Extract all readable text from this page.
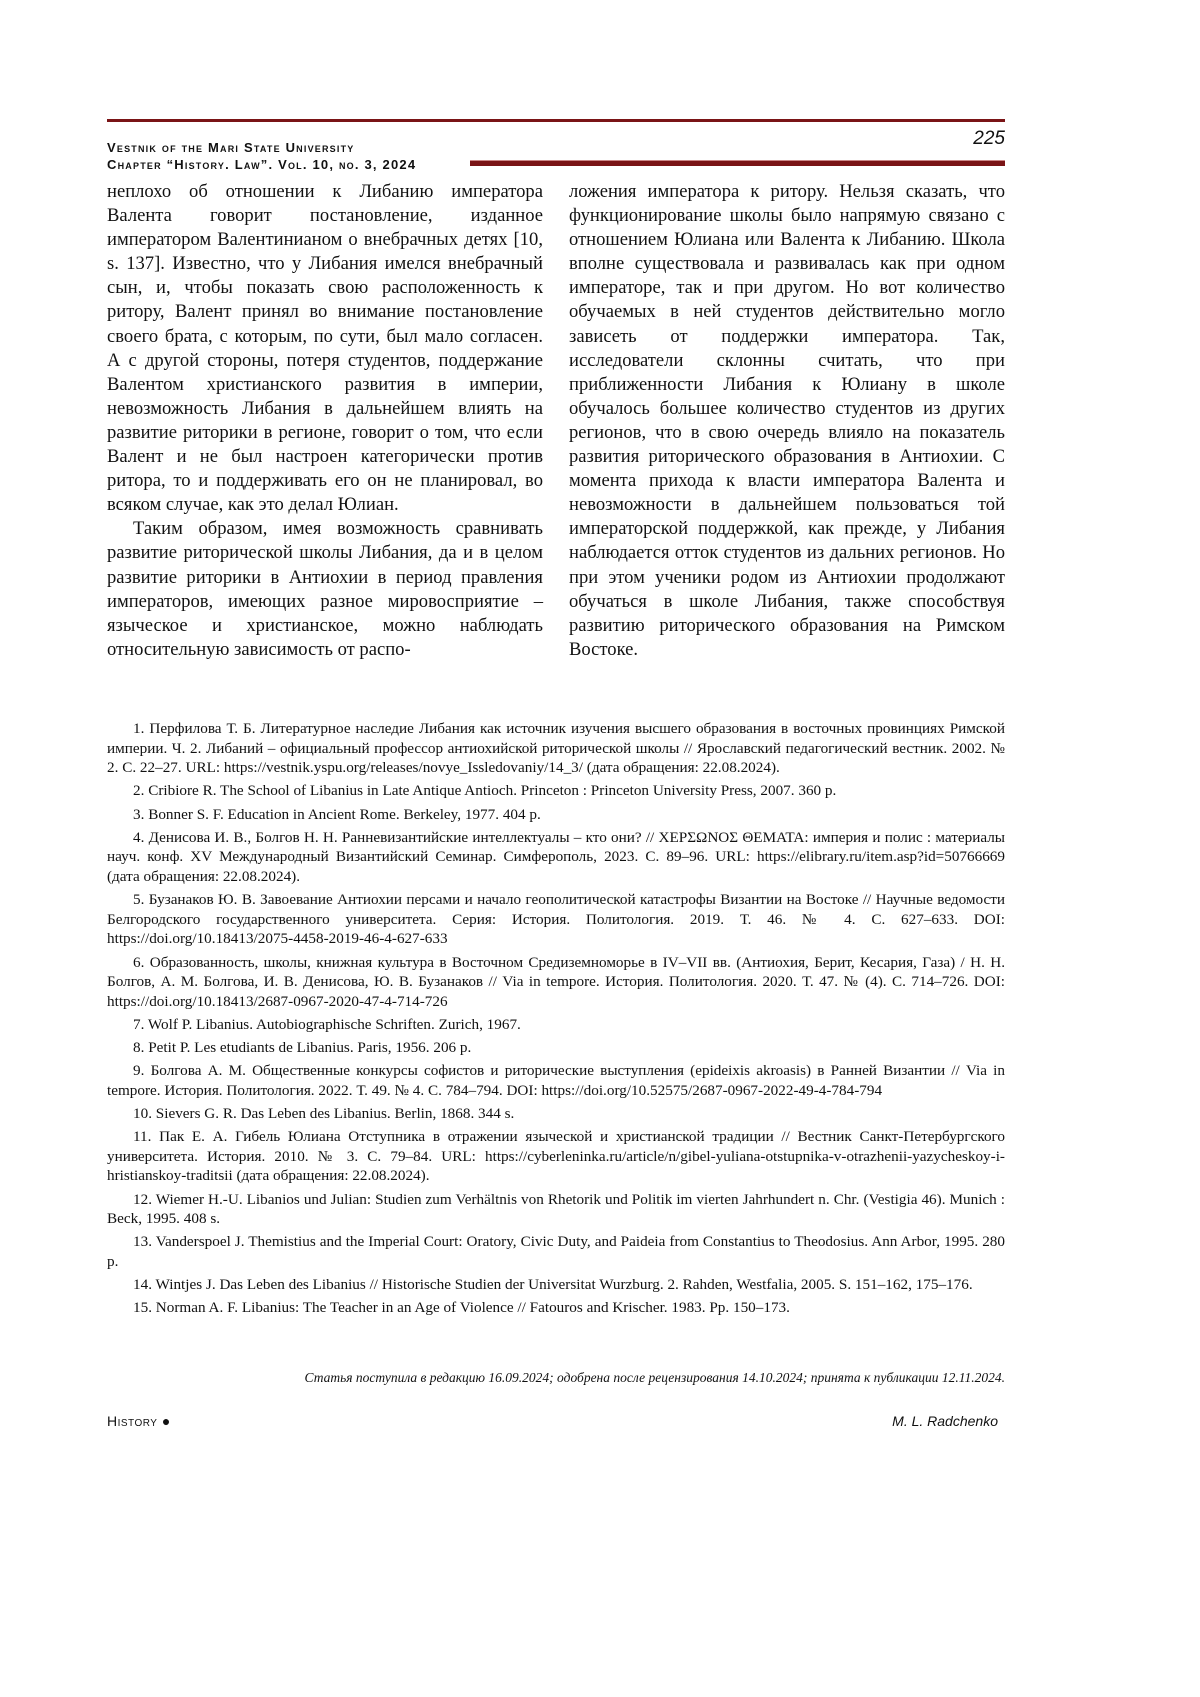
Vestnik of the Mari State University
Chapter “History. Law”. Vol. 10, no. 3, 2024
225

неплохо об отношении к Либанию императора Валента говорит постановление, изданное императором Валентинианом о внебрачных детях [10, s. 137]. Известно, что у Либания имелся внебрачный сын, и, чтобы показать свою расположенность к ритору, Валент принял во внимание постановление своего брата, с которым, по сути, был мало согласен. А с другой стороны, потеря студентов, поддержание Валентом христианского развития в империи, невозможность Либания в дальнейшем влиять на развитие риторики в регионе, говорит о том, что если Валент и не был настроен категорически против ритора, то и поддерживать его он не планировал, во всяком случае, как это делал Юлиан.

Таким образом, имея возможность сравнивать развитие риторической школы Либания, да и в целом развитие риторики в Антиохии в период правления императоров, имеющих разное мировосприятие – языческое и христианское, можно наблюдать относительную зависимость от распо-

ложения императора к ритору. Нельзя сказать, что функционирование школы было напрямую связано с отношением Юлиана или Валента к Либанию. Школа вполне существовала и развивалась как при одном императоре, так и при другом. Но вот количество обучаемых в ней студентов действительно могло зависеть от поддержки императора. Так, исследователи склонны считать, что при приближенности Либания к Юлиану в школе обучалось большее количество студентов из других регионов, что в свою очередь влияло на показатель развития риторического образования в Антиохии. С момента прихода к власти императора Валента и невозможности в дальнейшем пользоваться той императорской поддержкой, как прежде, у Либания наблюдается отток студентов из дальних регионов. Но при этом ученики родом из Антиохии продолжают обучаться в школе Либания, также способствуя развитию риторического образования на Римском Востоке.

1. Перфилова Т. Б. Литературное наследие Либания как источник изучения высшего образования в восточных провинциях Римской империи. Ч. 2. Либаний – официальный профессор антиохийской риторической школы // Ярославский педагогический вестник. 2002. № 2. С. 22–27. URL: https://vestnik.yspu.org/releases/novye_Issledovaniy/14_3/ (дата обращения: 22.08.2024).

2. Cribiore R. The School of Libanius in Late Antique Antioch. Princeton : Princeton University Press, 2007. 360 p.

3. Bonner S. F. Education in Ancient Rome. Berkeley, 1977. 404 p.

4. Денисова И. В., Болгов Н. Н. Ранневизантийские интеллектуалы – кто они? // ΧΕΡΣΩΝΟΣ ΘΕΜΑΤΑ: империя и полис : материалы науч. конф. XV Международный Византийский Семинар. Симферополь, 2023. С. 89–96. URL: https://elibrary.ru/item.asp?id=50766669 (дата обращения: 22.08.2024).

5. Бузанаков Ю. В. Завоевание Антиохии персами и начало геополитической катастрофы Византии на Востоке // Научные ведомости Белгородского государственного университета. Серия: История. Политология. 2019. Т. 46. № 4. С. 627–633. DOI: https://doi.org/10.18413/2075-4458-2019-46-4-627-633

6. Образованность, школы, книжная культура в Восточном Средиземноморье в IV–VII вв. (Антиохия, Берит, Кесария, Газа) / Н. Н. Болгов, А. М. Болгова, И. В. Денисова, Ю. В. Бузанаков // Via in tempore. История. Политология. 2020. Т. 47. № (4). С. 714–726. DOI: https://doi.org/10.18413/2687-0967-2020-47-4-714-726

7. Wolf P. Libanius. Autobiographische Schriften. Zurich, 1967.

8. Petit P. Les etudiants de Libanius. Paris, 1956. 206 p.

9. Болгова А. М. Общественные конкурсы софистов и риторические выступления (epideixis akroasis) в Ранней Византии // Via in tempore. История. Политология. 2022. Т. 49. № 4. С. 784–794. DOI: https://doi.org/10.52575/2687-0967-2022-49-4-784-794

10. Sievers G. R. Das Leben des Libanius. Berlin, 1868. 344 s.

11. Пак Е. А. Гибель Юлиана Отступника в отражении языческой и христианской традиции // Вестник Санкт-Петербургского университета. История. 2010. № 3. С. 79–84. URL: https://cyberleninka.ru/article/n/gibel-yuliana-otstupnika-v-otrazhenii-yazycheskoy-i-hristianskoy-traditsii (дата обращения: 22.08.2024).

12. Wiemer H.-U. Libanios und Julian: Studien zum Verhältnis von Rhetorik und Politik im vierten Jahrhundert n. Chr. (Vestigia 46). Munich : Beck, 1995. 408 s.

13. Vanderspoel J. Themistius and the Imperial Court: Oratory, Civic Duty, and Paideia from Constantius to Theodosius. Ann Arbor, 1995. 280 p.

14. Wintjes J. Das Leben des Libanius // Historische Studien der Universitat Wurzburg. 2. Rahden, Westfalia, 2005. S. 151–162, 175–176.

15. Norman A. F. Libanius: The Teacher in an Age of Violence // Fatouros and Krischer. 1983. Pp. 150–173.

Статья поступила в редакцию 16.09.2024; одобрена после рецензирования 14.10.2024; принята к публикации 12.11.2024.
History ●	M. L. Radchenko
